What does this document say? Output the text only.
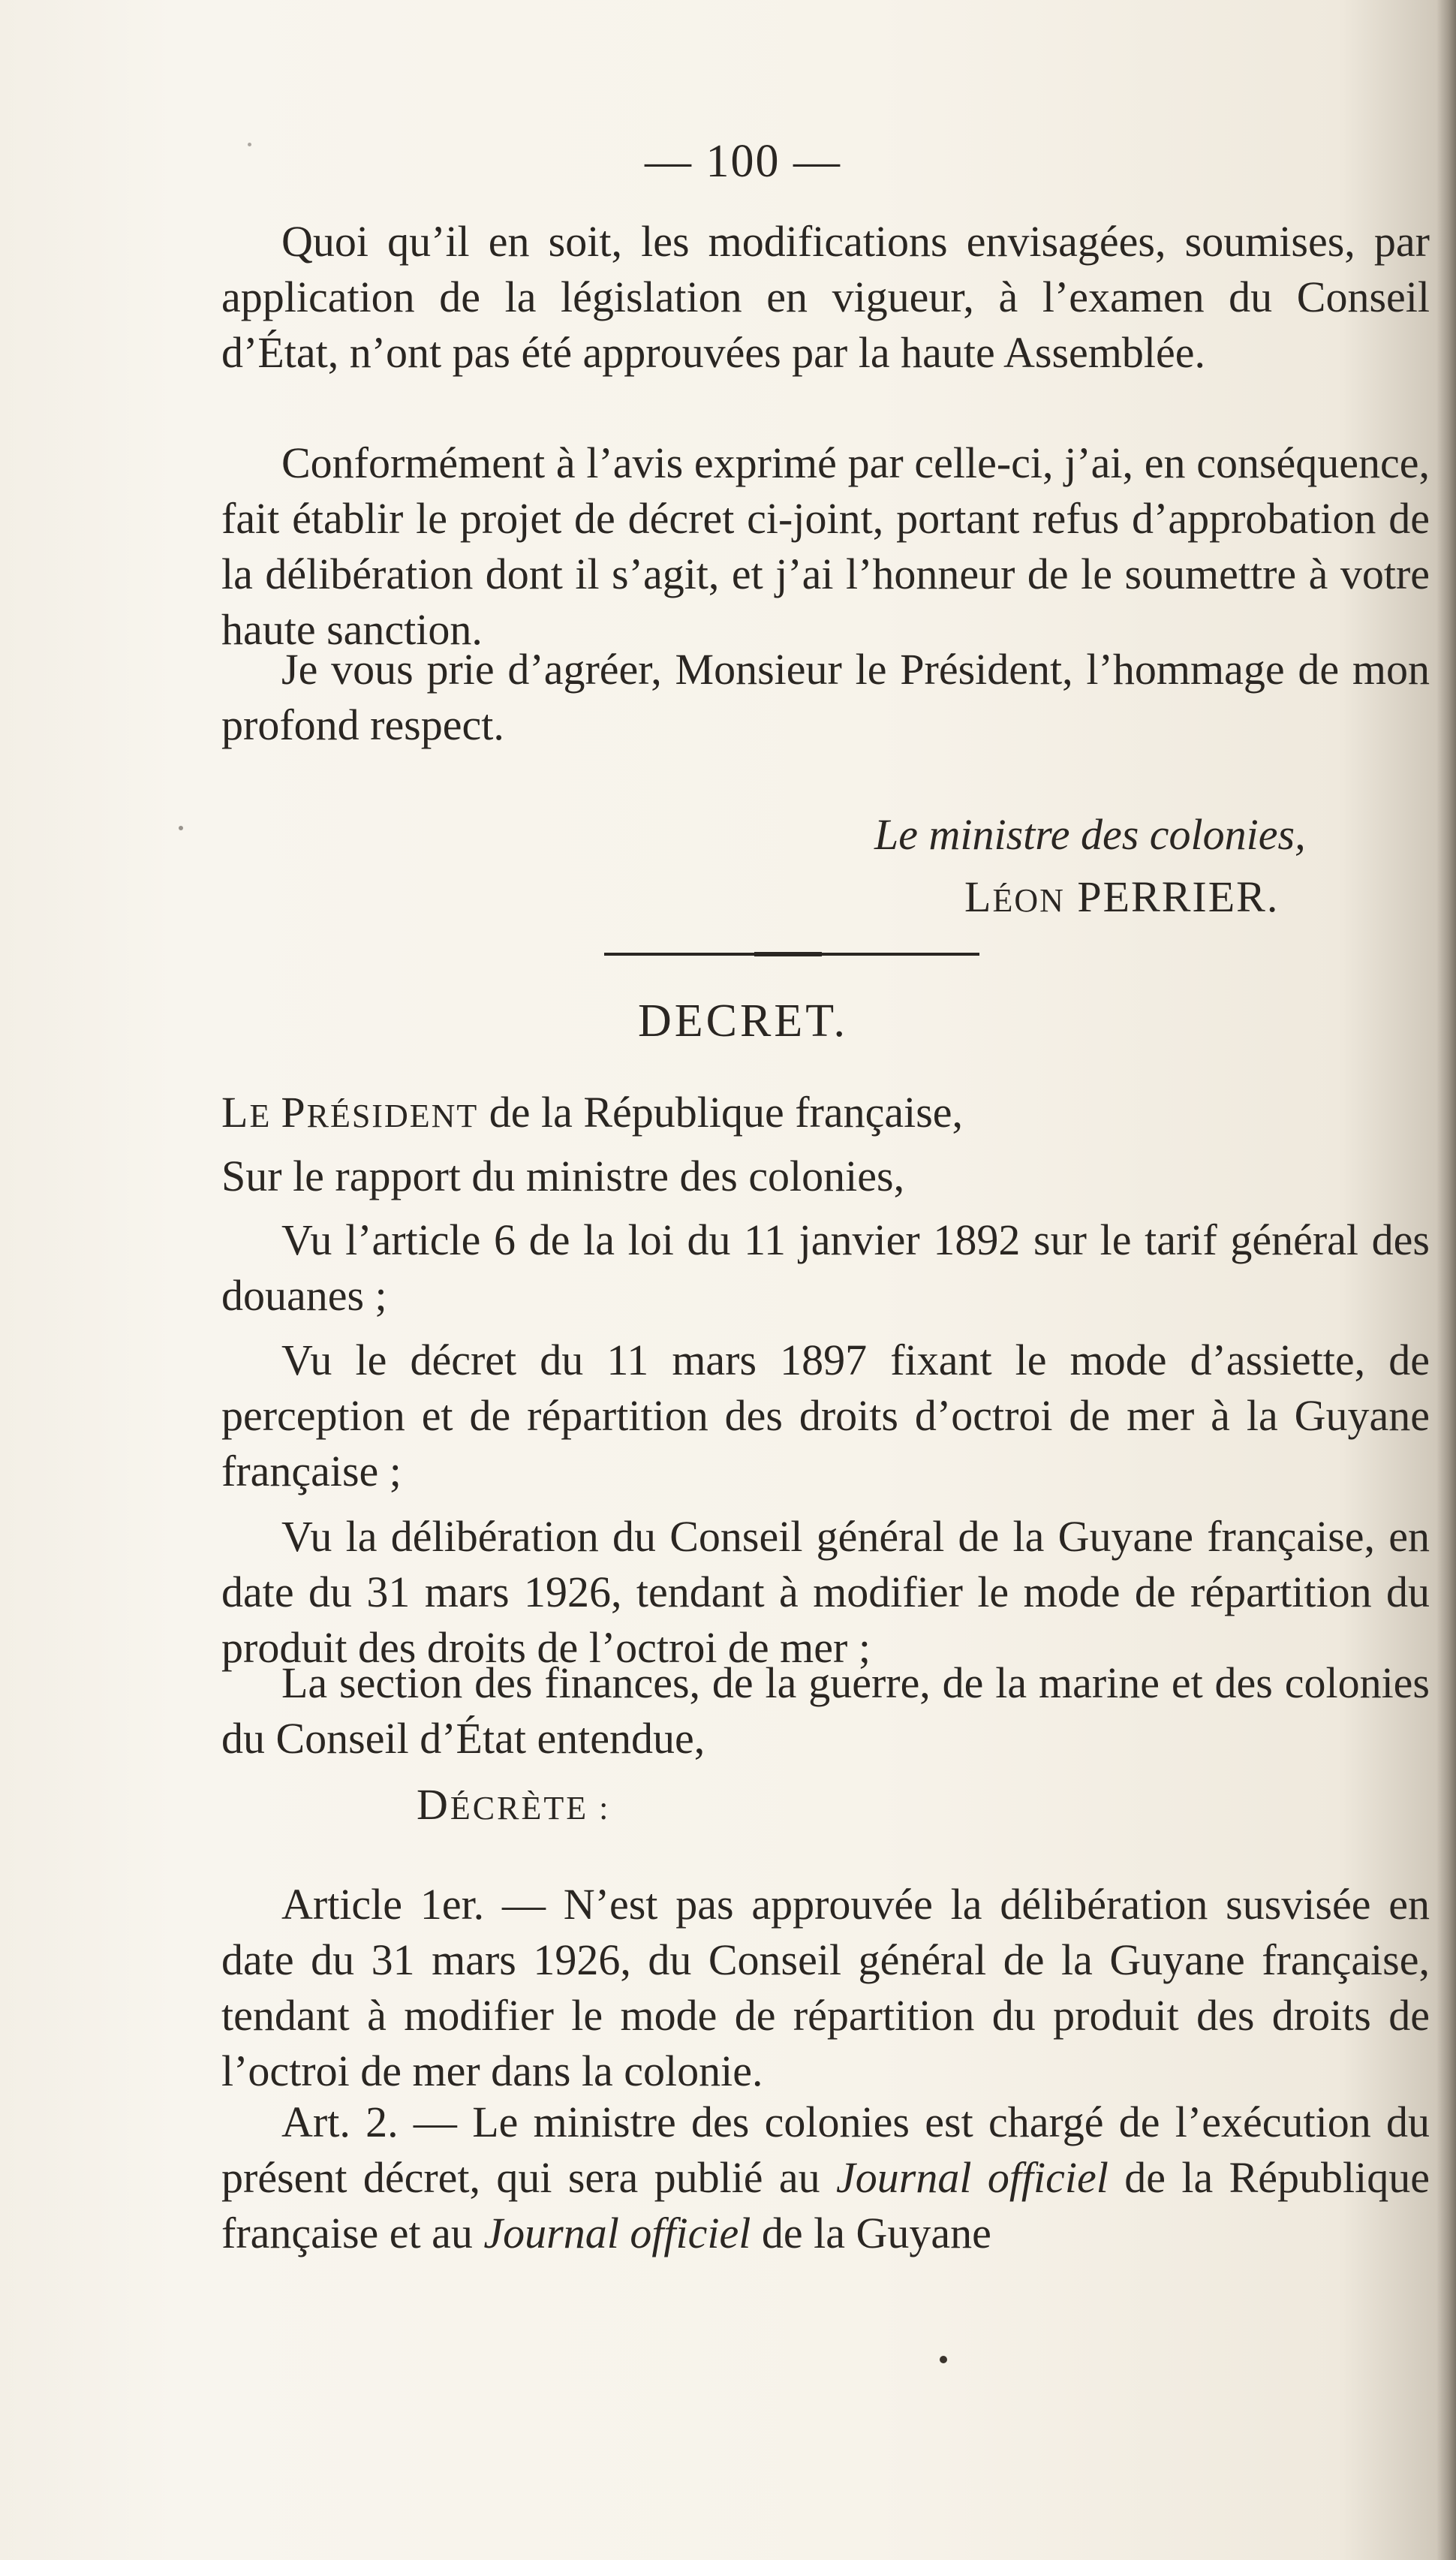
— 100 —

Quoi qu’il en soit, les modifications envisagées, soumises, par application de la législation en vigueur, à l’examen du Conseil d’État, n’ont pas été approuvées par la haute Assemblée.

Conformément à l’avis exprimé par celle-ci, j’ai, en conséquence, fait établir le projet de décret ci-joint, portant refus d’approbation de la délibération dont il s’agit, et j’ai l’honneur de le soumettre à votre haute sanction.

Je vous prie d’agréer, Monsieur le Président, l’hommage de mon profond respect.

Le ministre des colonies,
LÉON PERRIER.
DECRET.

LE PRÉSIDENT de la République française,

Sur le rapport du ministre des colonies,

Vu l’article 6 de la loi du 11 janvier 1892 sur le tarif général des douanes ;

Vu le décret du 11 mars 1897 fixant le mode d’assiette, de perception et de répartition des droits d’octroi de mer à la Guyane française ;

Vu la délibération du Conseil général de la Guyane française, en date du 31 mars 1926, tendant à modifier le mode de répartition du produit des droits de l’octroi de mer ;

La section des finances, de la guerre, de la marine et des colonies du Conseil d’État entendue,

DÉCRÈTE :

Article 1er. — N’est pas approuvée la délibération susvisée en date du 31 mars 1926, du Conseil général de la Guyane française, tendant à modifier le mode de répartition du produit des droits de l’octroi de mer dans la colonie.

Art. 2. — Le ministre des colonies est chargé de l’exécution du présent décret, qui sera publié au Journal officiel de la République française et au Journal officiel de la Guyane
